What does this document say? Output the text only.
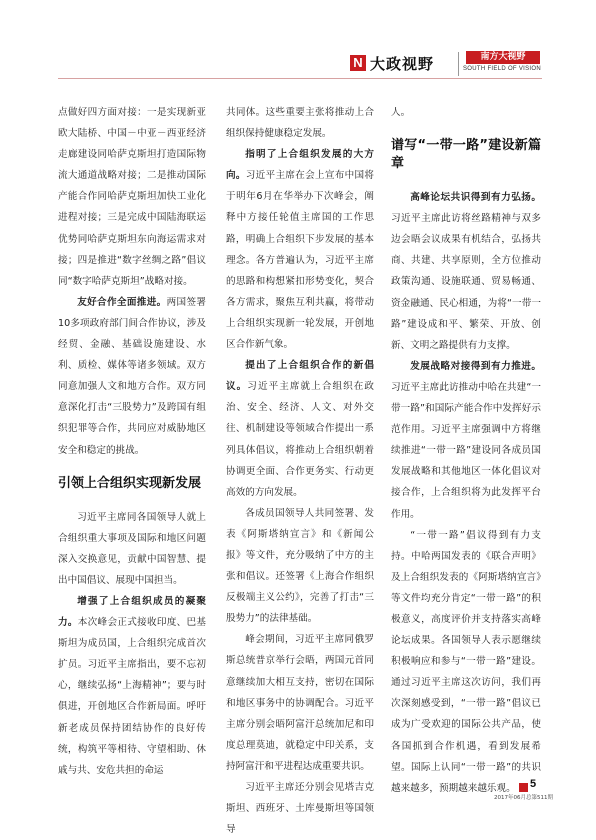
N 大政视野	南方大视野
SOUTH FIELD OF VISION

点做好四方面对接：一是实现新亚欧大陆桥、中国－中亚－西亚经济走廊建设同哈萨克斯坦打造国际物流大通道战略对接；二是推动国际产能合作同哈萨克斯坦加快工业化进程对接；三是完成中国陆海联运优势同哈萨克斯坦东向海运需求对接；四是推进“数字丝绸之路”倡议同“数字哈萨克斯坦”战略对接。

友好合作全面推进。两国签署10多项政府部门间合作协议，涉及经贸、金融、基础设施建设、水利、质检、媒体等诸多领域。双方同意加强人文和地方合作。双方同意深化打击“三股势力”及跨国有组织犯罪等合作，共同应对威胁地区安全和稳定的挑战。

引领上合组织实现新发展

习近平主席同各国领导人就上合组织重大事项及国际和地区问题深入交换意见，贡献中国智慧、提出中国倡议、展现中国担当。

增强了上合组织成员的凝聚力。本次峰会正式接收印度、巴基斯坦为成员国，上合组织完成首次扩员。习近平主席指出，要不忘初心，继续弘扬“上海精神”；要与时俱进，开创地区合作新局面。呼吁新老成员保持团结协作的良好传统，构筑平等相待、守望相助、休戚与共、安危共担的命运

共同体。这些重要主张将推动上合组织保持健康稳定发展。

指明了上合组织发展的大方向。习近平主席在会上宣布中国将于明年6月在华举办下次峰会，阐释中方接任轮值主席国的工作思路，明确上合组织下步发展的基本理念。各方普遍认为，习近平主席的思路和构想紧扣形势变化，契合各方需求，聚焦互利共赢，将带动上合组织实现新一轮发展，开创地区合作新气象。

提出了上合组织合作的新倡议。习近平主席就上合组织在政治、安全、经济、人文、对外交往、机制建设等领域合作提出一系列具体倡议，将推动上合组织朝着协调更全面、合作更务实、行动更高效的方向发展。

各成员国领导人共同签署、发表《阿斯塔纳宣言》和《新闻公报》等文件，充分吸纳了中方的主张和倡议。还签署《上海合作组织反极端主义公约》，完善了打击“三股势力”的法律基础。

峰会期间，习近平主席同俄罗斯总统普京举行会晤，两国元首同意继续加大相互支持，密切在国际和地区事务中的协调配合。习近平主席分别会晤阿富汗总统加尼和印度总理莫迪，就稳定中印关系，支持阿富汗和平进程达成重要共识。

习近平主席还分别会见塔吉克斯坦、西班牙、土库曼斯坦等国领导

人。

谱写“一带一路”建设新篇章

高峰论坛共识得到有力弘扬。习近平主席此访将丝路精神与双多边会晤会议成果有机结合，弘扬共商、共建、共享原则，全方位推动政策沟通、设施联通、贸易畅通、资金融通、民心相通，为将“一带一路”建设成和平、繁荣、开放、创新、文明之路提供有力支撑。

发展战略对接得到有力推进。习近平主席此访推动中哈在共建“一带一路”和国际产能合作中发挥好示范作用。习近平主席强调中方将继续推进“一带一路”建设同各成员国发展战略和其他地区一体化倡议对接合作，上合组织将为此发挥平台作用。

“一带一路”倡议得到有力支持。中哈两国发表的《联合声明》及上合组织发表的《阿斯塔纳宣言》等文件均充分肯定“一带一路”的积极意义，高度评价并支持落实高峰论坛成果。各国领导人表示愿继续积极响应和参与“一带一路”建设。通过习近平主席这次访问，我们再次深刻感受到，“一带一路”倡议已成为广受欢迎的国际公共产品，使各国抓到合作机遇，看到发展希望。国际上认同“一带一路”的共识越来越多，预期越来越乐观。	N

5
2017年06月总第511期
